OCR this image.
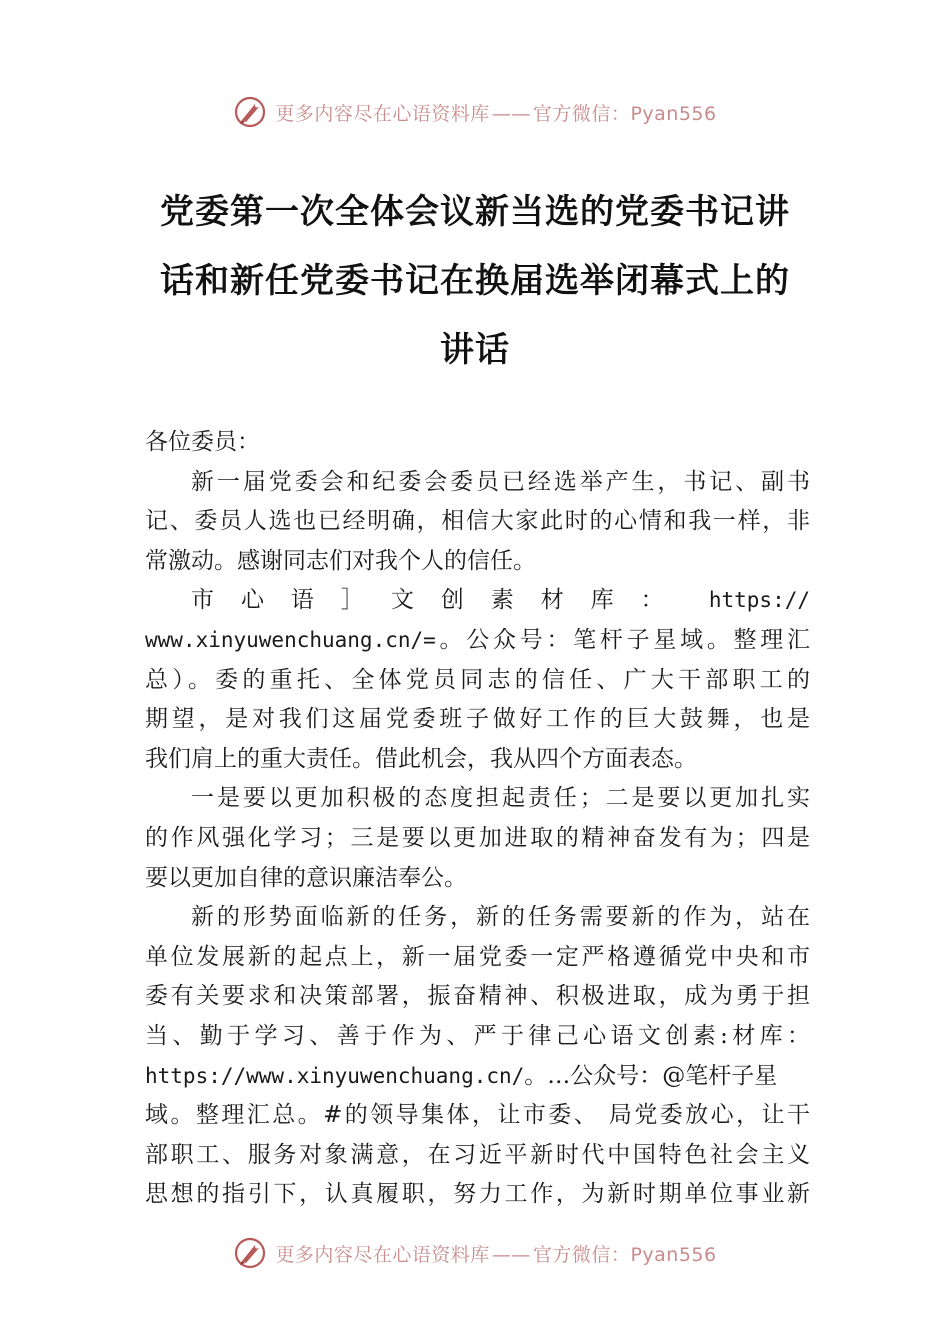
更多内容尽在心语资料库 —— 官方微信：Pyan556
党委第一次全体会议新当选的党委书记讲
话和新任党委书记在换届选举闭幕式上的
讲话

各位委员：

新一届党委会和纪委会委员已经选举产生，书记、副书

记、委员人选也已经明确，相信大家此时的心情和我一样，非

常激动。感谢同志们对我个人的信任。

市心语］文创素材库： https://

www.xinyuwenchuang.cn/=。公众号：笔杆子星域。整理汇

总）。委的重托、全体党员同志的信任、广大干部职工的

期望，是对我们这届党委班子做好工作的巨大鼓舞，也是

我们肩上的重大责任。借此机会，我从四个方面表态。

一是要以更加积极的态度担起责任；二是要以更加扎实

的作风强化学习；三是要以更加进取的精神奋发有为；四是

要以更加自律的意识廉洁奉公。

新的形势面临新的任务，新的任务需要新的作为，站在

单位发展新的起点上，新一届党委一定严格遵循党中央和市

委有关要求和决策部署，振奋精神、积极进取，成为勇于担

当、勤于学习、善于作为、严于律己心语文创素:材库：

https://www.xinyuwenchuang.cn/。…公众号：@笔杆子星

域。整理汇总。#的领导集体，让市委、 局党委放心，让干

部职工、服务对象满意，在习近平新时代中国特色社会主义

思想的指引下，认真履职，努力工作，为新时期单位事业新

更多内容尽在心语资料库 —— 官方微信：Pyan556
